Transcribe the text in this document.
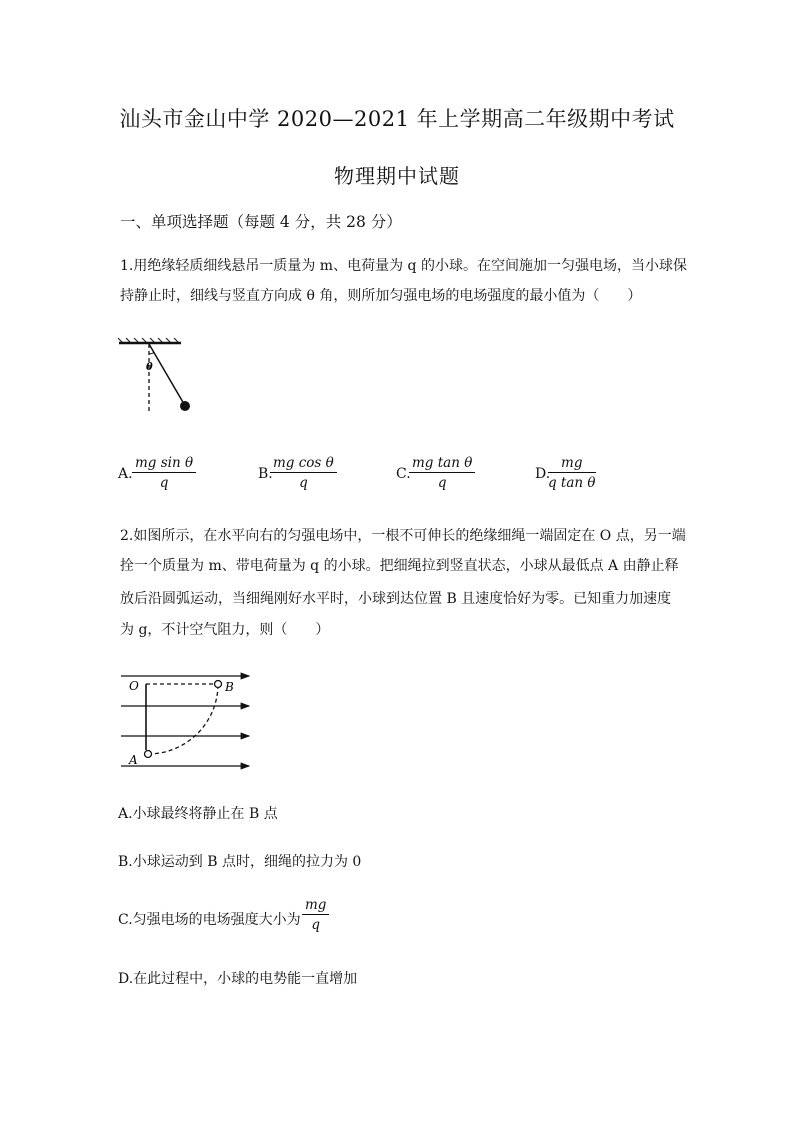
汕头市金山中学 2020—2021 年上学期高二年级期中考试
物理期中试题
一、单项选择题（每题 4 分，共 28 分）
1.用绝缘轻质细线悬吊一质量为 m、电荷量为 q 的小球。在空间施加一匀强电场，当小球保
持静止时，细线与竖直方向成 θ 角，则所加匀强电场的电场强度的最小值为（　　）
θ
A. $\frac{\text{mg sin θ}}{q}$	B.
$\frac{\text{mg cos θ}}{q}$	C.
$\frac{\text{mg tan θ}}{q}$	D.
$\frac{mg}{\text{q tan θ}}$
2.如图所示，在水平向右的匀强电场中，一根不可伸长的绝缘细绳一端固定在 O 点，另一端
拴一个质量为 m、带电荷量为 q 的小球。把细绳拉到竖直状态，小球从最低点 A 由静止释
放后沿圆弧运动，当细绳刚好水平时，小球到达位置 B 且速度恰好为零。已知重力加速度
为 g，不计空气阻力，则（　　）
O	B
A
A.小球最终将静止在 B 点
B.小球运动到 B 点时，细绳的拉力为 0
C.匀强电场的电场强度大小为 $\frac{mg}{q}$
D.在此过程中，小球的电势能一直增加
